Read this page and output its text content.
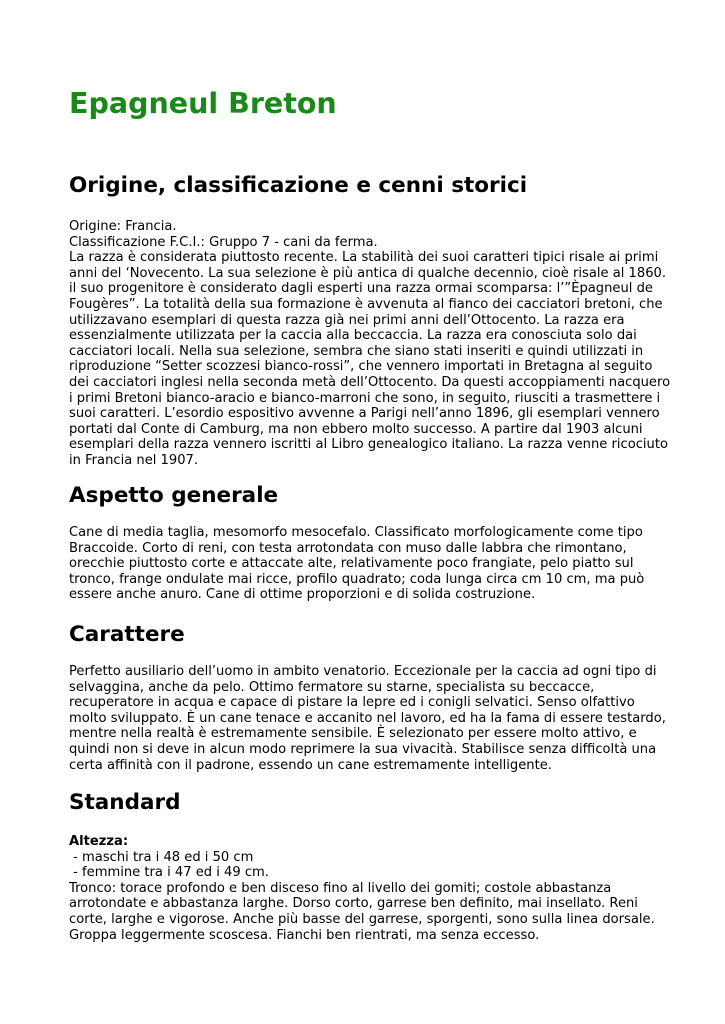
Epagneul Breton
Origine, classificazione e cenni storici
Origine: Francia.
Classificazione F.C.I.: Gruppo 7 - cani da ferma.
La razza è considerata piuttosto recente. La stabilità dei suoi caratteri tipici risale ai primi
anni del ‘Novecento. La sua selezione è più antica di qualche decennio, cioè risale al 1860.
il suo progenitore è considerato dagli esperti una razza ormai scomparsa: l’”Èpagneul de
Fougères”. La totalità della sua formazione è avvenuta al fianco dei cacciatori bretoni, che
utilizzavano esemplari di questa razza già nei primi anni dell’Ottocento. La razza era
essenzialmente utilizzata per la caccia alla beccaccia. La razza era conosciuta solo dai
cacciatori locali. Nella sua selezione, sembra che siano stati inseriti e quindi utilizzati in
riproduzione “Setter scozzesi bianco-rossi”, che vennero importati in Bretagna al seguito
dei cacciatori inglesi nella seconda metà dell’Ottocento. Da questi accoppiamenti nacquero
i primi Bretoni bianco-aracio e bianco-marroni che sono, in seguito, riusciti a trasmettere i
suoi caratteri. L’esordio espositivo avvenne a Parigi nell’anno 1896, gli esemplari vennero
portati dal Conte di Camburg, ma non ebbero molto successo. A partire dal 1903 alcuni
esemplari della razza vennero iscritti al Libro genealogico italiano. La razza venne ricociuto
in Francia nel 1907.
Aspetto generale
Cane di media taglia, mesomorfo mesocefalo. Classificato morfologicamente come tipo
Braccoide. Corto di reni, con testa arrotondata con muso dalle labbra che rimontano,
orecchie piuttosto corte e attaccate alte, relativamente poco frangiate, pelo piatto sul
tronco, frange ondulate mai ricce, profilo quadrato; coda lunga circa cm 10 cm, ma può
essere anche anuro. Cane di ottime proporzioni e di solida costruzione.
Carattere
Perfetto ausiliario dell’uomo in ambito venatorio. Eccezionale per la caccia ad ogni tipo di
selvaggina, anche da pelo. Ottimo fermatore su starne, specialista su beccacce,
recuperatore in acqua e capace di pistare la lepre ed i conigli selvatici. Senso olfattivo
molto sviluppato. È un cane tenace e accanito nel lavoro, ed ha la fama di essere testardo,
mentre nella realtà è estremamente sensibile. È selezionato per essere molto attivo, e
quindi non si deve in alcun modo reprimere la sua vivacità. Stabilisce senza difficoltà una
certa affinità con il padrone, essendo un cane estremamente intelligente.
Standard
Altezza:
- maschi tra i 48 ed i 50 cm
- femmine tra i 47 ed i 49 cm.
Tronco: torace profondo e ben disceso fino al livello dei gomiti; costole abbastanza
arrotondate e abbastanza larghe. Dorso corto, garrese ben definito, mai insellato. Reni
corte, larghe e vigorose. Anche più basse del garrese, sporgenti, sono sulla linea dorsale.
Groppa leggermente scoscesa. Fianchi ben rientrati, ma senza eccesso.
